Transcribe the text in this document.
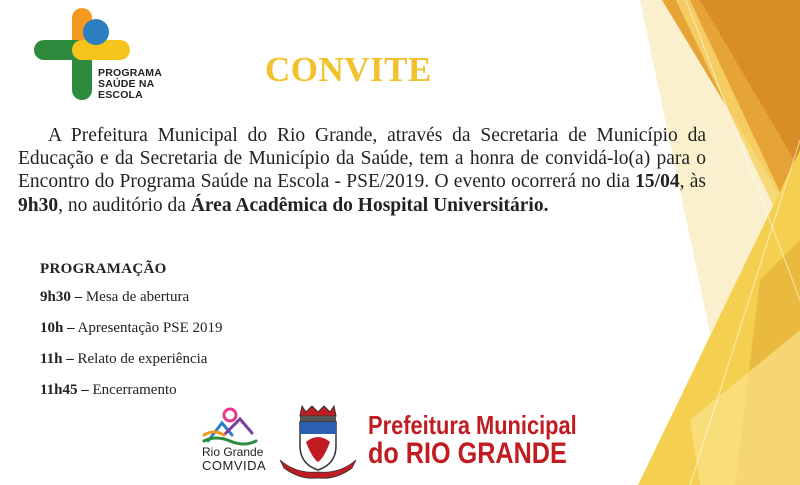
PROGRAMA
SAÚDE NA
ESCOLA
CONVITE
A Prefeitura Municipal do Rio Grande, através da Secretaria de Município da Educação e da Secretaria de Município da Saúde, tem a honra de convidá-lo(a) para o Encontro do Programa Saúde na Escola - PSE/2019. O evento ocorrerá no dia 15/04, às 9h30, no auditório da Área Acadêmica do Hospital Universitário.
PROGRAMAÇÃO
9h30 – Mesa de abertura
10h – Apresentação PSE 2019
11h – Relato de experiência
11h45 – Encerramento
Rio Grande
COMVIDA
Prefeitura Municipal
do RIO GRANDE
